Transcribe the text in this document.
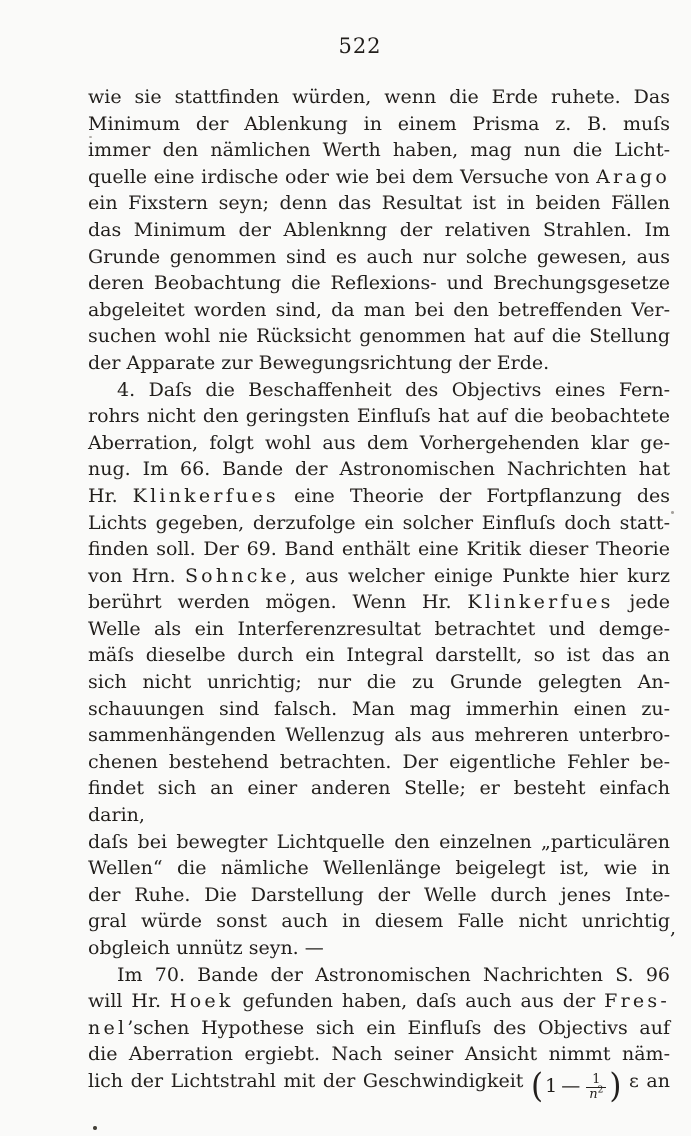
522
wie sie stattfinden würden, wenn die Erde ruhete. Das
Minimum der Ablenkung in einem Prisma z. B. muſs
immer den nämlichen Werth haben, mag nun die Licht-
quelle eine irdische oder wie bei dem Versuche von Arago
ein Fixstern seyn; denn das Resultat ist in beiden Fällen
das Minimum der Ablenknng der relativen Strahlen. Im
Grunde genommen sind es auch nur solche gewesen, aus
deren Beobachtung die Reflexions- und Brechungsgesetze
abgeleitet worden sind, da man bei den betreffenden Ver-
suchen wohl nie Rücksicht genommen hat auf die Stellung
der Apparate zur Bewegungsrichtung der Erde.
4. Daſs die Beschaffenheit des Objectivs eines Fern-
rohrs nicht den geringsten Einfluſs hat auf die beobachtete
Aberration, folgt wohl aus dem Vorhergehenden klar ge-
nug. Im 66. Bande der Astronomischen Nachrichten hat
Hr. Klinkerfues eine Theorie der Fortpflanzung des
Lichts gegeben, derzufolge ein solcher Einfluſs doch statt-
finden soll. Der 69. Band enthält eine Kritik dieser Theorie
von Hrn. Sohncke, aus welcher einige Punkte hier kurz
berührt werden mögen. Wenn Hr. Klinkerfues jede
Welle als ein Interferenzresultat betrachtet und demge-
mäſs dieselbe durch ein Integral darstellt, so ist das an
sich nicht unrichtig; nur die zu Grunde gelegten An-
schauungen sind falsch. Man mag immerhin einen zu-
sammenhängenden Wellenzug als aus mehreren unterbro-
chenen bestehend betrachten. Der eigentliche Fehler be-
findet sich an einer anderen Stelle; er besteht einfach darin,
daſs bei bewegter Lichtquelle den einzelnen „particulären
Wellen“ die nämliche Wellenlänge beigelegt ist, wie in
der Ruhe. Die Darstellung der Welle durch jenes Inte-
gral würde sonst auch in diesem Falle nicht unrichtig,
obgleich unnütz seyn. —
Im 70. Bande der Astronomischen Nachrichten S. 96
will Hr. Hoek gefunden haben, daſs auch aus der Fres-
nel’schen Hypothese sich ein Einfluſs des Objectivs auf
die Aberration ergiebt. Nach seiner Ansicht nimmt näm-
lich der Lichtstrahl mit der Geschwindigkeit ( 1 — $\frac{1}{n^2}$ ) ε an
